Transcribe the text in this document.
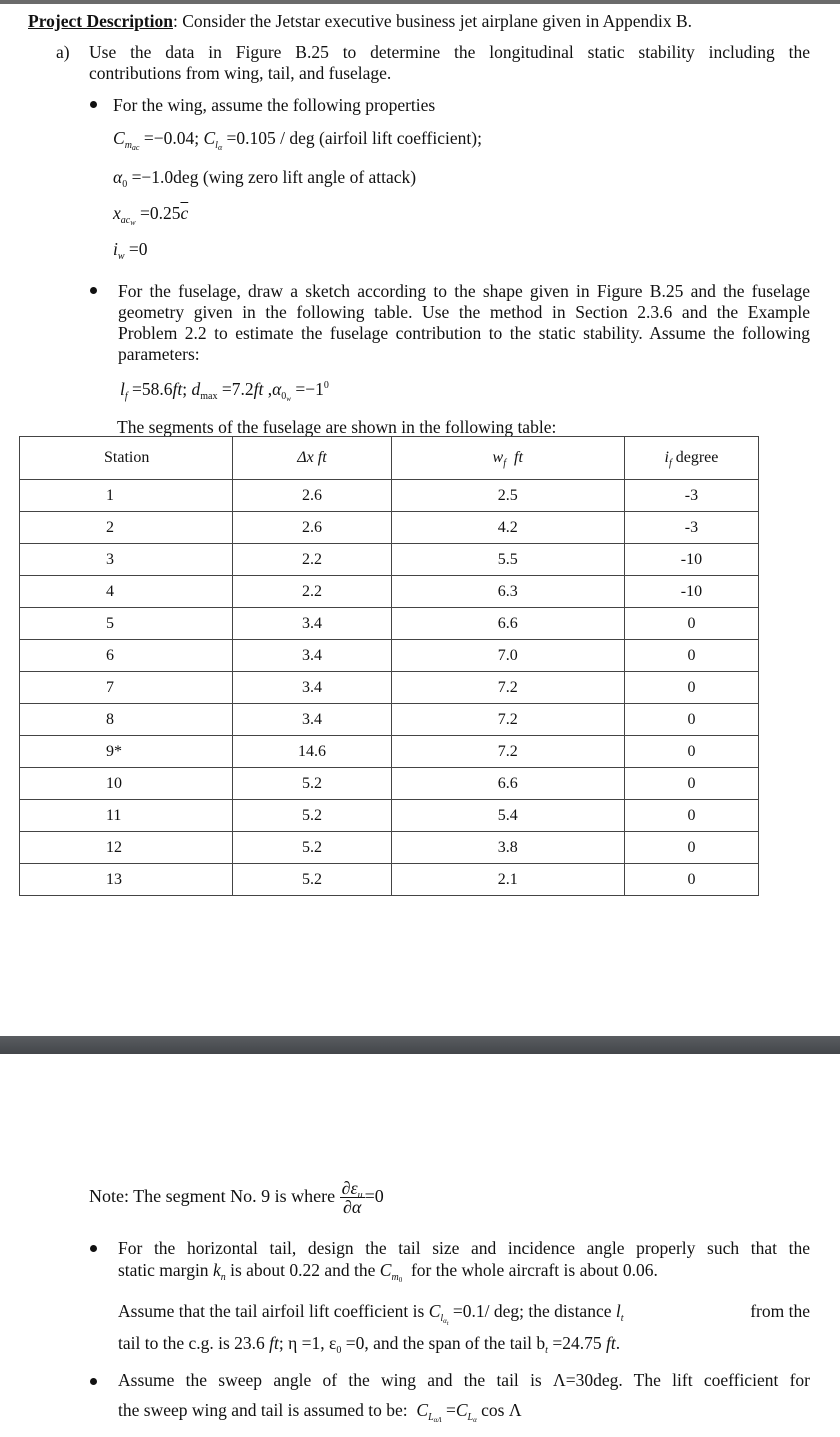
Project Description: Consider the Jetstar executive business jet airplane given in Appendix B.
a) Use the data in Figure B.25 to determine the longitudinal static stability including the
contributions from wing, tail, and fuselage.
For the wing, assume the following properties
$C_{m_{ac}} =-0.04$; $C_{l_\alpha} =0.105$ / deg (airfoil lift coefficient);
$\alpha_0 =-1.0deg$ (wing zero lift angle of attack)
$x_{ac_w} =0.25\overline{c}$
$i_w =0$
For the fuselage, draw a sketch according to the shape given in Figure B.25 and the fuselage
geometry given in the following table. Use the method in Section 2.3.6 and the Example
Problem 2.2 to estimate the fuselage contribution to the static stability. Assume the following
parameters:
$l_f =58.6ft$; $d_{max} =7.2ft$ $,\alpha_{0_w} =-1^0$
The segments of the fuselage are shown in the following table:
Station	Δx ft	$w_f$ ft	$i_f$ degree
1	2.6	2.5	-3
2	2.6	4.2	-3
3	2.2	5.5	-10
4	2.2	6.3	-10
5	3.4	6.6	0
6	3.4	7.0	0
7	3.4	7.2	0
8	3.4	7.2	0
9*	14.6	7.2	0
10	5.2	6.6	0
11	5.2	5.4	0
12	5.2	3.8	0
13	5.2	2.1	0
Note: The segment No. 9 is where $\frac{\partial\varepsilon_u}{\partial\alpha} =0$
For the horizontal tail, design the tail size and incidence angle properly such that the
static margin $k_n$ is about 0.22 and the $C_{m_0}$ for the whole aircraft is about 0.06.
Assume that the tail airfoil lift coefficient is $C_{l_{\alpha_t}} =0.1/$ deg; the distance $l_t$	from the
tail to the c.g. is 23.6 ft; η =1, $\varepsilon_0 =0$, and the span of the tail $b_t =24.75$ ft.
Assume the sweep angle of the wing and the tail is Λ=30deg. The lift coefficient for
the sweep wing and tail is assumed to be: $C_{L_{\alpha\Lambda}} =C_{L_\alpha}$ cos Λ
